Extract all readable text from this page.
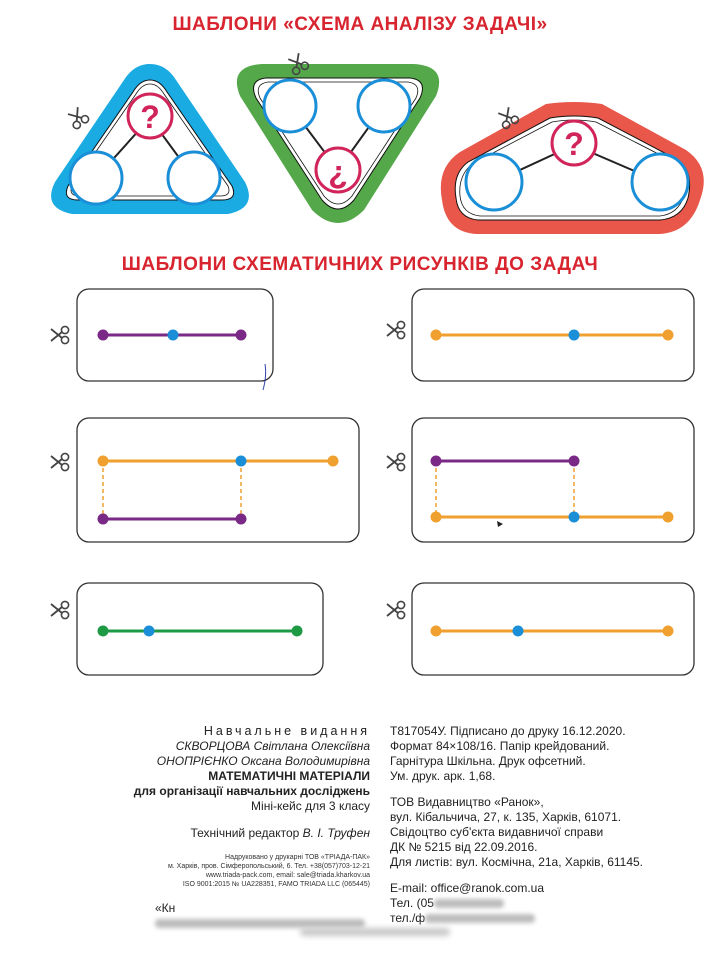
ШАБЛОНИ «СХЕМА АНАЛІЗУ ЗАДАЧІ»
ШАБЛОНИ СХЕМАТИЧНИХ РИСУНКІВ ДО ЗАДАЧ
?
¿
?
Навчальне видання
СКВОРЦОВА Світлана Олексіївна
ОНОПРІЄНКО Оксана Володимирівна
МАТЕМАТИЧНІ МАТЕРІАЛИ
для організації навчальних досліджень
Міні-кейс для 3 класу
Технічний редактор В. І. Труфен
Надруковано у друкарні ТОВ «ТРІАДА-ПАК»
м. Харків, пров. Сімферопольський, 6. Тел. +38(057)703-12-21
www.triada-pack.com, email: sale@triada.kharkov.ua
ISO 9001:2015 № UA228351, FAMO TRIADA LLC (065445)
«Кн
Т817054У. Підписано до друку 16.12.2020.
Формат 84×108/16. Папір крейдований.
Гарнітура Шкільна. Друк офсетний.
Ум. друк. арк. 1,68.
ТОВ Видавництво «Ранок»,
вул. Кібальчича, 27, к. 135, Харків, 61071.
Свідоцтво суб'єкта видавничої справи
ДК № 5215 від 22.09.2016.
Для листів: вул. Космічна, 21а, Харків, 61145.
E-mail: office@ranok.com.ua
Тел. (05
тел./ф
